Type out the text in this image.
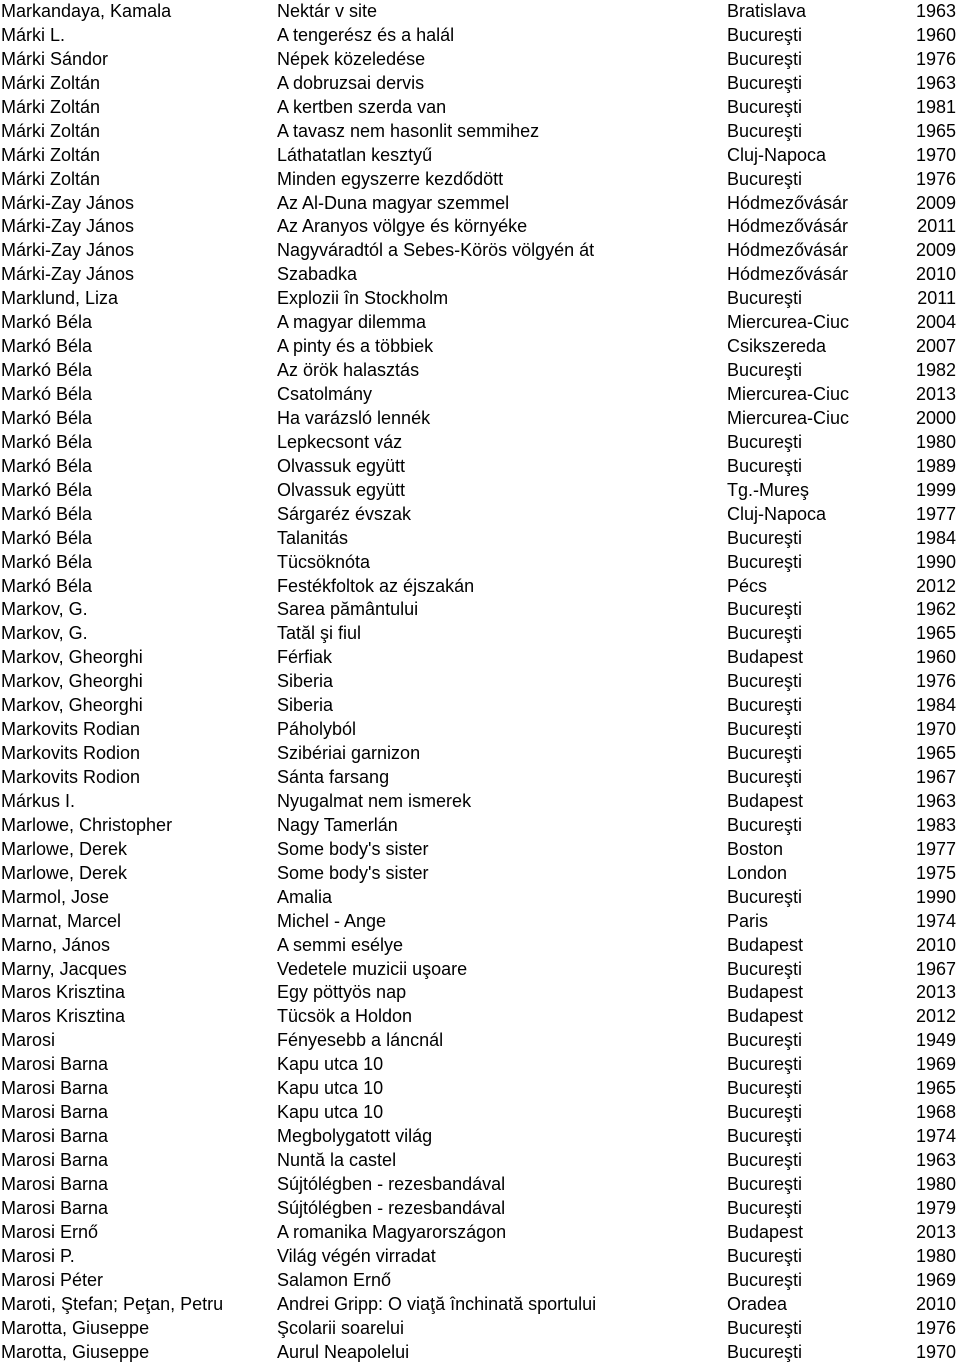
Markandaya, Kamala	Nektár v site	Bratislava	1963
Márki L.	A tengerész és a halál	Bucureşti	1960
Márki Sándor	Népek közeledése	Bucureşti	1976
Márki Zoltán	A dobruzsai dervis	Bucureşti	1963
Márki Zoltán	A kertben szerda van	Bucureşti	1981
Márki Zoltán	A tavasz nem hasonlit semmihez	Bucureşti	1965
Márki Zoltán	Láthatatlan kesztyű	Cluj-Napoca	1970
Márki Zoltán	Minden egyszerre kezdődött	Bucureşti	1976
Márki-Zay János	Az Al-Duna magyar szemmel	Hódmezővásár	2009
Márki-Zay János	Az Aranyos völgye és környéke	Hódmezővásár	2011
Márki-Zay János	Nagyváradtól a Sebes-Körös völgyén át	Hódmezővásár	2009
Márki-Zay János	Szabadka	Hódmezővásár	2010
Marklund, Liza	Explozii în Stockholm	Bucureşti	2011
Markó Béla	A magyar dilemma	Miercurea-Ciuc	2004
Markó Béla	A pinty és a többiek	Csikszereda	2007
Markó Béla	Az örök halasztás	Bucureşti	1982
Markó Béla	Csatolmány	Miercurea-Ciuc	2013
Markó Béla	Ha varázsló lennék	Miercurea-Ciuc	2000
Markó Béla	Lepkecsont váz	Bucureşti	1980
Markó Béla	Olvassuk együtt	Bucureşti	1989
Markó Béla	Olvassuk együtt	Tg.-Mureş	1999
Markó Béla	Sárgaréz évszak	Cluj-Napoca	1977
Markó Béla	Talanitás	Bucureşti	1984
Markó Béla	Tücsöknóta	Bucureşti	1990
Markó Béla	Festékfoltok az éjszakán	Pécs	2012
Markov, G.	Sarea pământului	Bucureşti	1962
Markov, G.	Tatăl şi fiul	Bucureşti	1965
Markov, Gheorghi	Férfiak	Budapest	1960
Markov, Gheorghi	Siberia	Bucureşti	1976
Markov, Gheorghi	Siberia	Bucureşti	1984
Markovits Rodian	Páholyból	Bucureşti	1970
Markovits Rodion	Szibériai garnizon	Bucureşti	1965
Markovits Rodion	Sánta farsang	Bucureşti	1967
Márkus I.	Nyugalmat nem ismerek	Budapest	1963
Marlowe, Christopher	Nagy Tamerlán	Bucureşti	1983
Marlowe, Derek	Some body's sister	Boston	1977
Marlowe, Derek	Some body's sister	London	1975
Marmol, Jose	Amalia	Bucureşti	1990
Marnat, Marcel	Michel - Ange	Paris	1974
Marno, János	A semmi esélye	Budapest	2010
Marny, Jacques	Vedetele muzicii uşoare	Bucureşti	1967
Maros Krisztina	Egy pöttyös nap	Budapest	2013
Maros Krisztina	Tücsök a Holdon	Budapest	2012
Marosi	Fényesebb a láncnál	Bucureşti	1949
Marosi Barna	Kapu utca 10	Bucureşti	1969
Marosi Barna	Kapu utca 10	Bucureşti	1965
Marosi Barna	Kapu utca 10	Bucureşti	1968
Marosi Barna	Megbolygatott világ	Bucureşti	1974
Marosi Barna	Nuntă la castel	Bucureşti	1963
Marosi Barna	Sújtólégben - rezesbandával	Bucureşti	1980
Marosi Barna	Sújtólégben - rezesbandával	Bucureşti	1979
Marosi Ernő	A romanika Magyarországon	Budapest	2013
Marosi P.	Világ végén virradat	Bucureşti	1980
Marosi Péter	Salamon Ernő	Bucureşti	1969
Maroti, Ştefan; Peţan, Petru	Andrei Gripp: O viaţă închinată sportului	Oradea	2010
Marotta, Giuseppe	Şcolarii soarelui	Bucureşti	1976
Marotta, Giuseppe	Aurul Neapolelui	Bucureşti	1970
